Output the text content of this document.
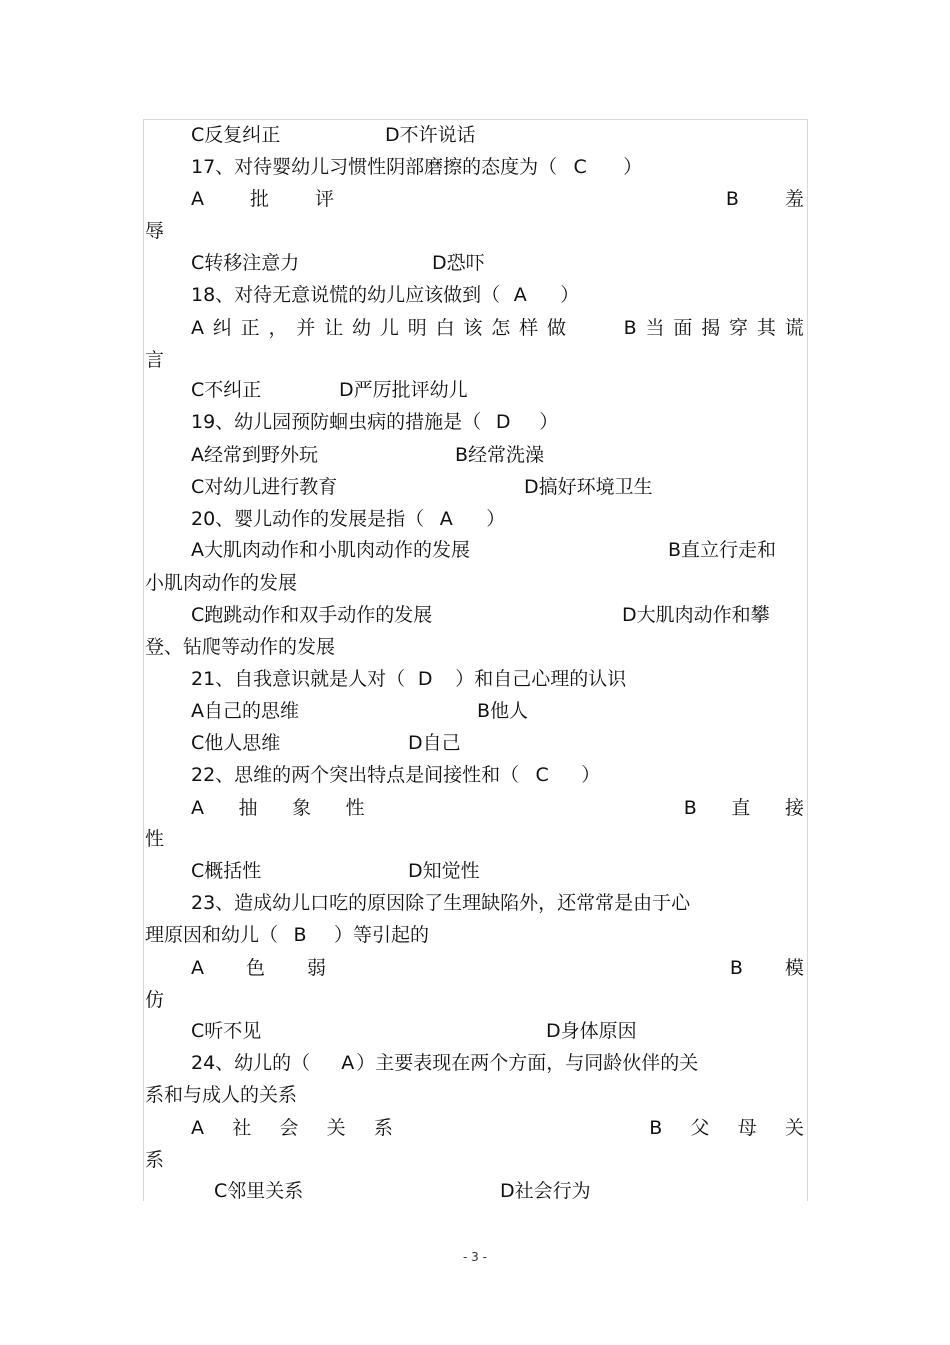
C反复纠正	D不许说话
17、对待婴幼儿习惯性阴部磨擦的态度为（ C ）
A 批 评	B 羞
辱
C转移注意力	D恐吓
18、对待无意说慌的幼儿应该做到（ A ）
A 纠 正 ， 并 让 幼 儿 明 白 该 怎 样 做	B 当 面 揭 穿 其 谎
言
C不纠正	D严厉批评幼儿
19、幼儿园预防蛔虫病的措施是（ D ）
A经常到野外玩	B经常洗澡
C对幼儿进行教育	D搞好环境卫生
20、婴儿动作的发展是指（ A ）
A大肌肉动作和小肌肉动作的发展	B直立行走和
小肌肉动作的发展
C跑跳动作和双手动作的发展	D大肌肉动作和攀
登、钻爬等动作的发展
21、自我意识就是人对（ D ）和自己心理的认识
A自己的思维	B他人
C他人思维	D自己
22、思维的两个突出特点是间接性和（ C ）
A 抽 象 性	B 直 接
性
C概括性	D知觉性
23、造成幼儿口吃的原因除了生理缺陷外，还常常是由于心
理原因和幼儿（ B ）等引起的
A 色 弱	B 模
仿
C听不见	D身体原因
24、幼儿的（ A ）主要表现在两个方面，与同龄伙伴的关
系和与成人的关系
A 社 会 关 系	B 父 母 关
系
C邻里关系	D社会行为
- 3 -
